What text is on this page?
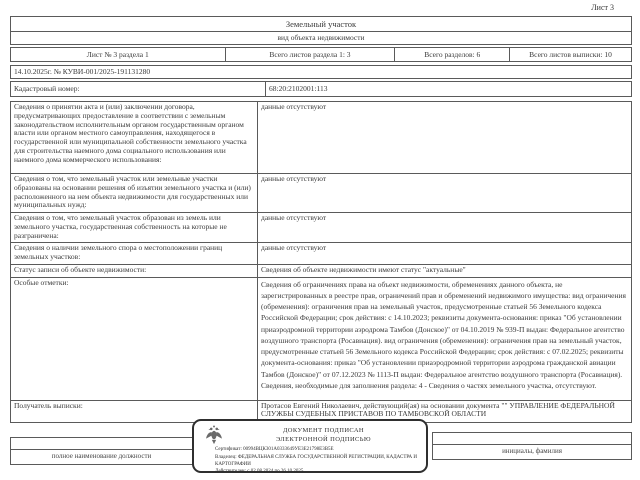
Лист 3
Земельный участок
вид объекта недвижимости
Лист № 3 раздела 1	Всего листов раздела 1: 3	Всего разделов: 6	Всего листов выписки: 10
14.10.2025г. № КУВИ-001/2025-191131280
Кадастровый номер:	68:20:2102001:113
Сведения о принятии акта и (или) заключении договора, предусматривающих предоставление в соответствии с земельным законодательством исполнительным органом государственным органом власти или органом местного самоуправления, находящегося в государственной или муниципальной собственности земельного участка для строительства наемного дома социального использования или наемного дома коммерческого использования:
данные отсутствуют
Сведения о том, что земельный участок или земельные участки образованы на основании решения об изъятии земельного участка и (или) расположенного на нем объекта недвижимости для государственных или муниципальных нужд:
данные отсутствуют
Сведения о том, что земельный участок образован из земель или земельного участка, государственная собственность на которые не разграничена:
данные отсутствуют
Сведения о наличии земельного спора о местоположении границ земельных участков:
данные отсутствуют
Статус записи об объекте недвижимости:	Сведения об объекте недвижимости имеют статус "актуальные"
Особые отметки:	Сведения об ограничениях права на объект недвижимости, обременениях данного объекта, не зарегистрированных в реестре прав, ограничений прав и обременений недвижимого имущества: вид ограничения (обременения): ограничения прав на земельный участок, предусмотренные статьей 56 Земельного кодекса Российской Федерации; срок действия: с 14.10.2023; реквизиты документа-основания: приказ "Об установлении приаэродромной территории аэродрома Тамбов (Донское)" от 04.10.2019 № 939-П выдан: Федеральное агентство воздушного транспорта (Росавиация). вид ограничения (обременения): ограничения прав на земельный участок, предусмотренные статьей 56 Земельного кодекса Российской Федерации; срок действия: с 07.02.2025; реквизиты документа-основания: приказ "Об установлении приаэродромной территории аэродрома гражданской авиации Тамбов (Донское)" от 07.12.2023 № 1113-П выдан: Федеральное агентство воздушного транспорта (Росавиация). Сведения, необходимые для заполнения раздела: 4 - Сведения о частях земельного участка, отсутствуют.
Получатель выписки:	Протасов Евгений Николаевич, действующий(ая) на основании документа "" УПРАВЛЕНИЕ ФЕДЕРАЛЬНОЙ СЛУЖБЫ СУДЕБНЫХ ПРИСТАВОВ ПО ТАМБОВСКОЙ ОБЛАСТИ
полное наименование должности
инициалы, фамилия
ДОКУМЕНТ ПОДПИСАН
ЭЛЕКТРОННОЙ ПОДПИСЬЮ
Сертификат: 00994ВЦК301А0333649УЕ3Е21798Е3В5Е
Владелец: ФЕДЕРАЛЬНАЯ СЛУЖБА ГОСУДАРСТВЕННОЙ РЕГИСТРАЦИИ, КАДАСТРА И КАРТОГРАФИИ
Действителен: с 02.08.2024 по 26.10.2025
